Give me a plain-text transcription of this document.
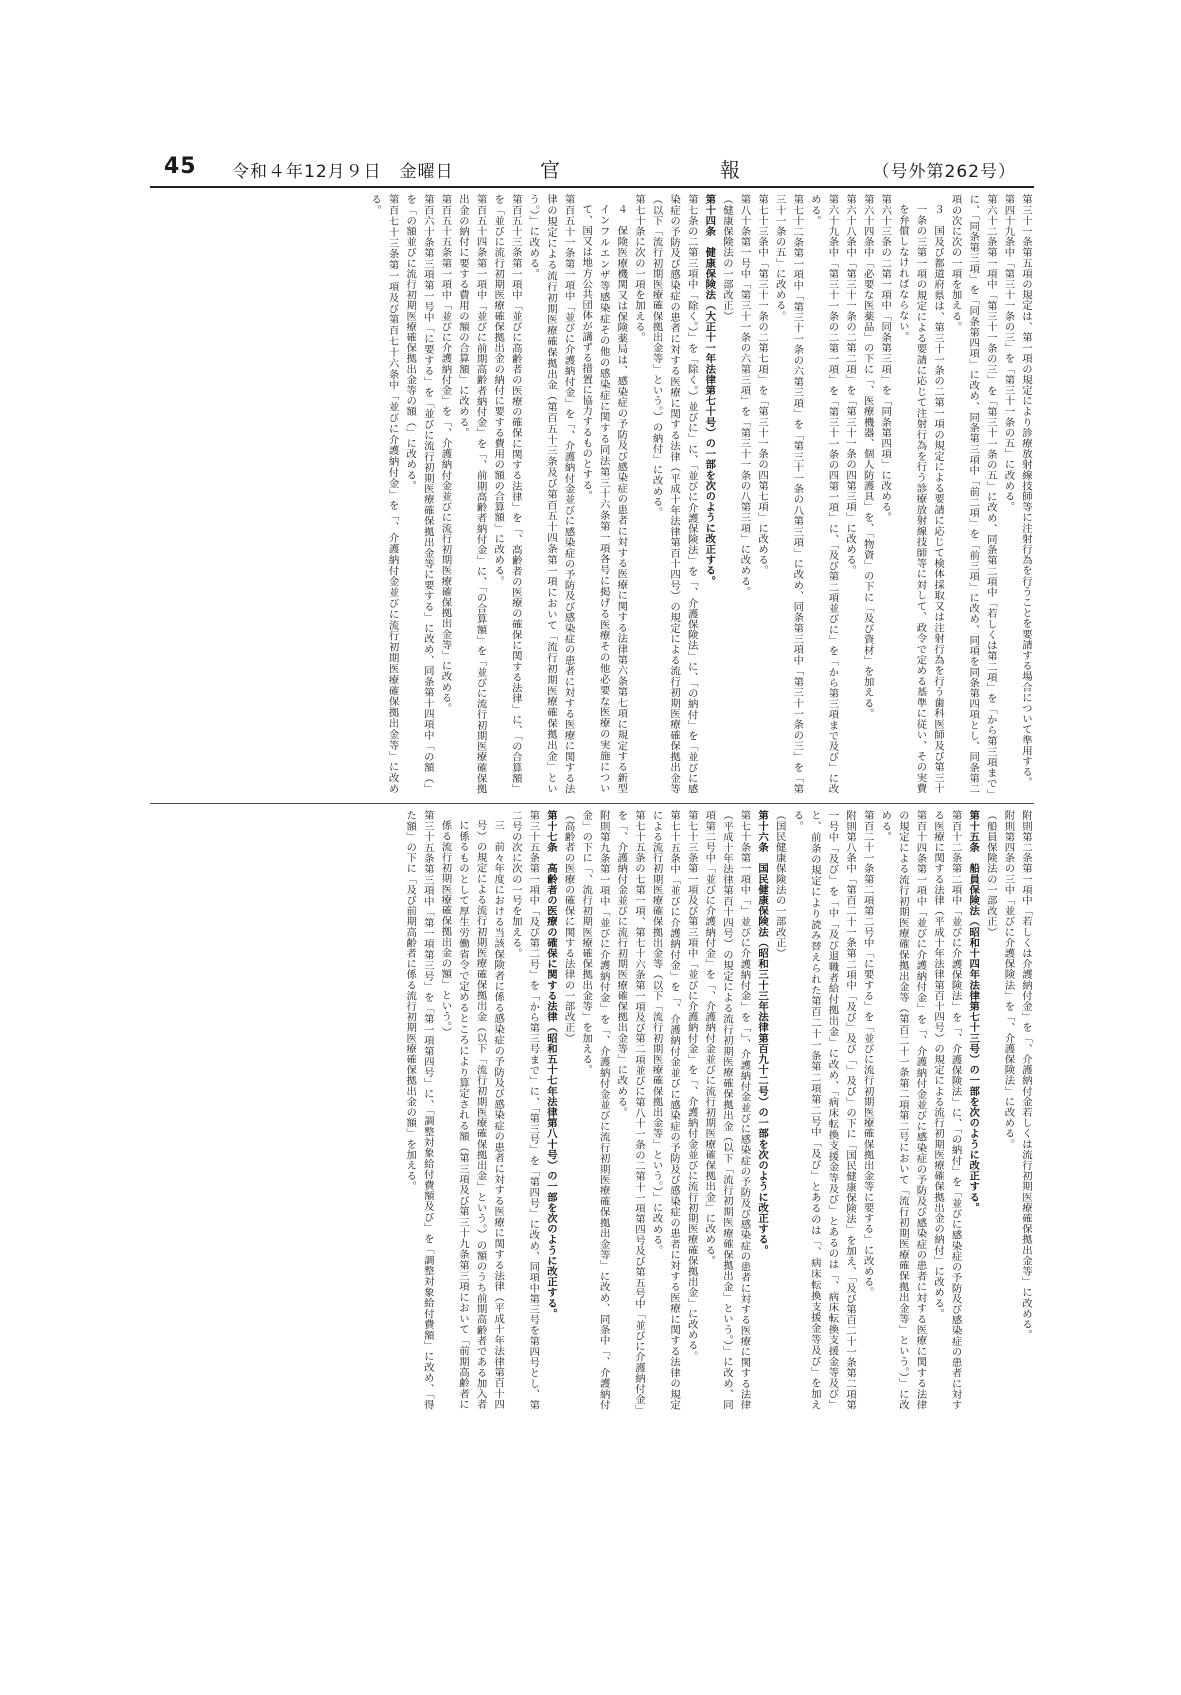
45 令和４年12月９日　金曜日	官　報	（号外第262号）
第三十一条第五項の規定は、第一項の規定により診療放射線技師等に注射行為を行うことを要請する場合について準用する。
第四十九条中「第三十一条の三」を「第三十一条の五」に改める。
第六十二条第一項中「第三十一条の三」を「第三十一条の五」に改め、同条第二項中「若しくは第二項」を「から第三項まで」に、「同条第三項」を「同条第四項」に改め、同条第三項中「前二項」を「前三項」に改め、同項を同条第四項とし、同条第二項の次に次の一項を加える。
３　国及び都道府県は、第三十一条の二第一項の規定による要請に応じて検体採取又は注射行為を行う歯科医師及び第三十一条の三第一項の規定による要請に応じて注射行為を行う診療放射線技師等に対して、政令で定める基準に従い、その実費を弁償しなければならない。
第六十三条の二第一項中「同条第三項」を「同条第四項」に改める。
第六十四条中「必要な医薬品」の下に「、医療機器、個人防護具」を、「物資」の下に「及び資材」を加える。
第六十八条中「第三十一条の二第二項」を「第三十一条の四第三項」に改める。
第六十九条中「第三十一条の二第一項」を「第三十一条の四第一項」に、「及び第二項並びに」を「から第三項まで及び」に改める。
第七十二条第一項中「第三十一条の六第三項」を「第三十一条の八第三項」に改め、同条第三項中「第三十一条の三」を「第三十一条の五」に改める。
第七十三条中「第三十一条の二第七項」を「第三十一条の四第七項」に改める。
第八十条第一号中「第三十一条の六第三項」を「第三十一条の八第三項」に改める。
（健康保険法の一部改正）
第十四条　健康保険法（大正十一年法律第七十号）の一部を次のように改正する。
第七条の二第三項中「除く。）」を「除く。）並びに」に、「並びに介護保険法」を「、介護保険法」に、「の納付」を「並びに感染症の予防及び感染症の患者に対する医療に関する法律（平成十年法律第百十四号）の規定による流行初期医療確保拠出金等（以下「流行初期医療確保拠出金等」という。）の納付」に改める。
第七十条に次の一項を加える。
４　保険医療機関又は保険薬局は、感染症の予防及び感染症の患者に対する医療に関する法律第六条第七項に規定する新型インフルエンザ等感染症その他の感染症に関する同法第三十六条第一項各号に掲げる医療その他必要な医療の実施について、国又は地方公共団体が講ずる措置に協力するものとする。
第百五十一条第一項中「並びに介護納付金」を「、介護納付金並びに感染症の予防及び感染症の患者に対する医療に関する法律の規定による流行初期医療確保拠出金（第百五十三条及び第百五十四条第一項において「流行初期医療確保拠出金」という。）」に改める。
第百五十三条第一項中「並びに高齢者の医療の確保に関する法律」を「、高齢者の医療の確保に関する法律」に、「の合算額」を「並びに流行初期医療確保拠出金の納付に要する費用の額の合算額」に改める。
第百五十四条第一項中「並びに前期高齢者納付金」を「、前期高齢者納付金」に、「の合算額」を「並びに流行初期医療確保拠出金の納付に要する費用の額の合算額」に改める。
第百五十五条第一項中「並びに介護納付金」を「、介護納付金並びに流行初期医療確保拠出金等」に改める。
第百六十条第三項第一号中「に要する」を「並びに流行初期医療確保拠出金等に要する」に改め、同条第十四項中「の額（」を「の額並びに流行初期医療確保拠出金等の額（」に改める。
第百七十三条第一項及び第百七十六条中「並びに介護納付金」を「、介護納付金並びに流行初期医療確保拠出金等」に改める。
附則第二条第一項中「若しくは介護納付金」を「、介護納付金若しくは流行初期医療確保拠出金等」に改める。
附則第四条の三中「並びに介護保険法」を「、介護保険法」に改める。
（船員保険法の一部改正）
第十五条　船員保険法（昭和十四年法律第七十三号）の一部を次のように改正する。
第百十二条第二項中「並びに介護保険法」を「、介護保険法」に、「の納付」を「並びに感染症の予防及び感染症の患者に対する医療に関する法律（平成十年法律第百十四号）の規定による流行初期医療確保拠出金の納付」に改める。
第百十四条第一項中「並びに介護納付金」を「、介護納付金並びに感染症の予防及び感染症の患者に対する医療に関する法律の規定による流行初期医療確保拠出金等（第百二十一条第二項第二号において「流行初期医療確保拠出金等」という。）」に改める。
第百二十一条第二項第二号中「に要する」を「並びに流行初期医療確保拠出金等に要する」に改める。
附則第八条中「第百二十一条第二項中「及び」及び「」及び」の下に「国民健康保険法」を加え、「及び第百二十一条第二項第一号中「及び」を「中「及び退職者給付拠出金」に改め、「病床転換支援金等及び」とあるのは「、病床転換支援金等及び」と、前条の規定により読み替えられた第百二十一条第二項第二号中「及び」とあるのは「、病床転換支援金等及び」を加える。
（国民健康保険法の一部改正）
第十六条　国民健康保険法（昭和三十三年法律第百九十二号）の一部を次のように改正する。
第七十条第一項中「」並びに介護納付金」を「」、介護納付金並びに感染症の予防及び感染症の患者に対する医療に関する法律（平成十年法律第百十四号）の規定による流行初期医療確保拠出金（以下「流行初期医療確保拠出金」という。）」に改め、同項第二号中「並びに介護納付金」を「、介護納付金並びに流行初期医療確保拠出金」に改める。
第七十三条第一項及び第三項中「並びに介護納付金」を「、介護納付金並びに流行初期医療確保拠出金」に改める。
第七十五条中「並びに介護納付金」を「、介護納付金並びに感染症の予防及び感染症の患者に対する医療に関する法律の規定による流行初期医療確保拠出金等（以下「流行初期医療確保拠出金等」という。）」に改める。
第七十五条の七第一項、第七十六条第一項及び第二項並びに第八十一条の二第十一項第四号及び第五号中「並びに介護納付金」を「、介護納付金並びに流行初期医療確保拠出金等」に改める。
附則第九条第一項中「並びに介護納付金」を「、介護納付金並びに流行初期医療確保拠出金等」に改め、同条中「、介護納付金」の下に「、流行初期医療確保拠出金等」を加える。
（高齢者の医療の確保に関する法律の一部改正）
第十七条　高齢者の医療の確保に関する法律（昭和五十七年法律第八十号）の一部を次のように改正する。
第三十五条第一項中「及び第二号」を「から第三号まで」に、「第三号」を「第四号」に改め、同項中第三号を第四号とし、第二号の次に次の一号を加える。
三　前々年度における当該保険者に係る感染症の予防及び感染症の患者に対する医療に関する法律（平成十年法律第百十四号）の規定による流行初期医療確保拠出金（以下「流行初期医療確保拠出金」という。）の額のうち前期高齢者である加入者に係るものとして厚生労働省令で定めるところにより算定される額（第三項及び第三十九条第三項において「前期高齢者に係る流行初期医療確保拠出金の額」という。）
第三十五条第三項中「第一項第三号」を「第一項第四号」に、「調整対象給付費額及び」を「調整対象給付費額」に改め、「得た額」の下に「及び前期高齢者に係る流行初期医療確保拠出金の額」を加える。
